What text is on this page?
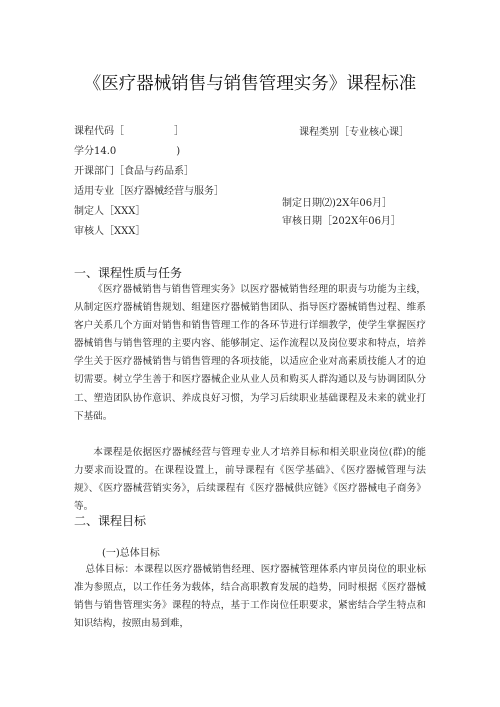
《医疗器械销售与销售管理实务》课程标准
课程代码［　　　　　］
学分14.0　　　　　　)
开课部门［食品与药品系］
适用专业［医疗器械经营与服务］
制定人［XXX］
审核人［XXX］
课程类别［专业核心课］
制定日期⑵)2X年06月］
审核日期［202X年06月］
一、课程性质与任务
《医疗器械销售与销售管理实务》以医疗器械销售经理的职责与功能为主线，从制定医疗器械销售规划、组建医疗器械销售团队、指导医疗器械销售过程、维系客户关系几个方面对销售和销售管理工作的各环节进行详细教学，使学生掌握医疗器械销售与销售管理的主要内容、能够制定、运作流程以及岗位要求和特点，培养学生关于医疗器械销售与销售管理的各项技能，以适应企业对高素质技能人才的迫切需要。树立学生善于和医疗器械企业从业人员和购买人群沟通以及与协调团队分工、塑造团队协作意识、养成良好习惯，为学习后续职业基础课程及未来的就业打下基础。
本课程是依据医疗器械经营与管理专业人才培养目标和相关职业岗位(群)的能力要求而设置的。在课程设置上，前导课程有《医学基础》、《医疗器械管理与法规》、《医疗器械营销实务》，后续课程有《医疗器械供应链》《医疗器械电子商务》等。
二、课程目标
(一)总体目标
总体目标：本课程以医疗器械销售经理、医疗器械管理体系内审员岗位的职业标准为参照点，以工作任务为载体，结合高职教育发展的趋势，同时根据《医疗器械销售与销售管理实务》课程的特点，基于工作岗位任职要求，紧密结合学生特点和知识结构，按照由易到难，
